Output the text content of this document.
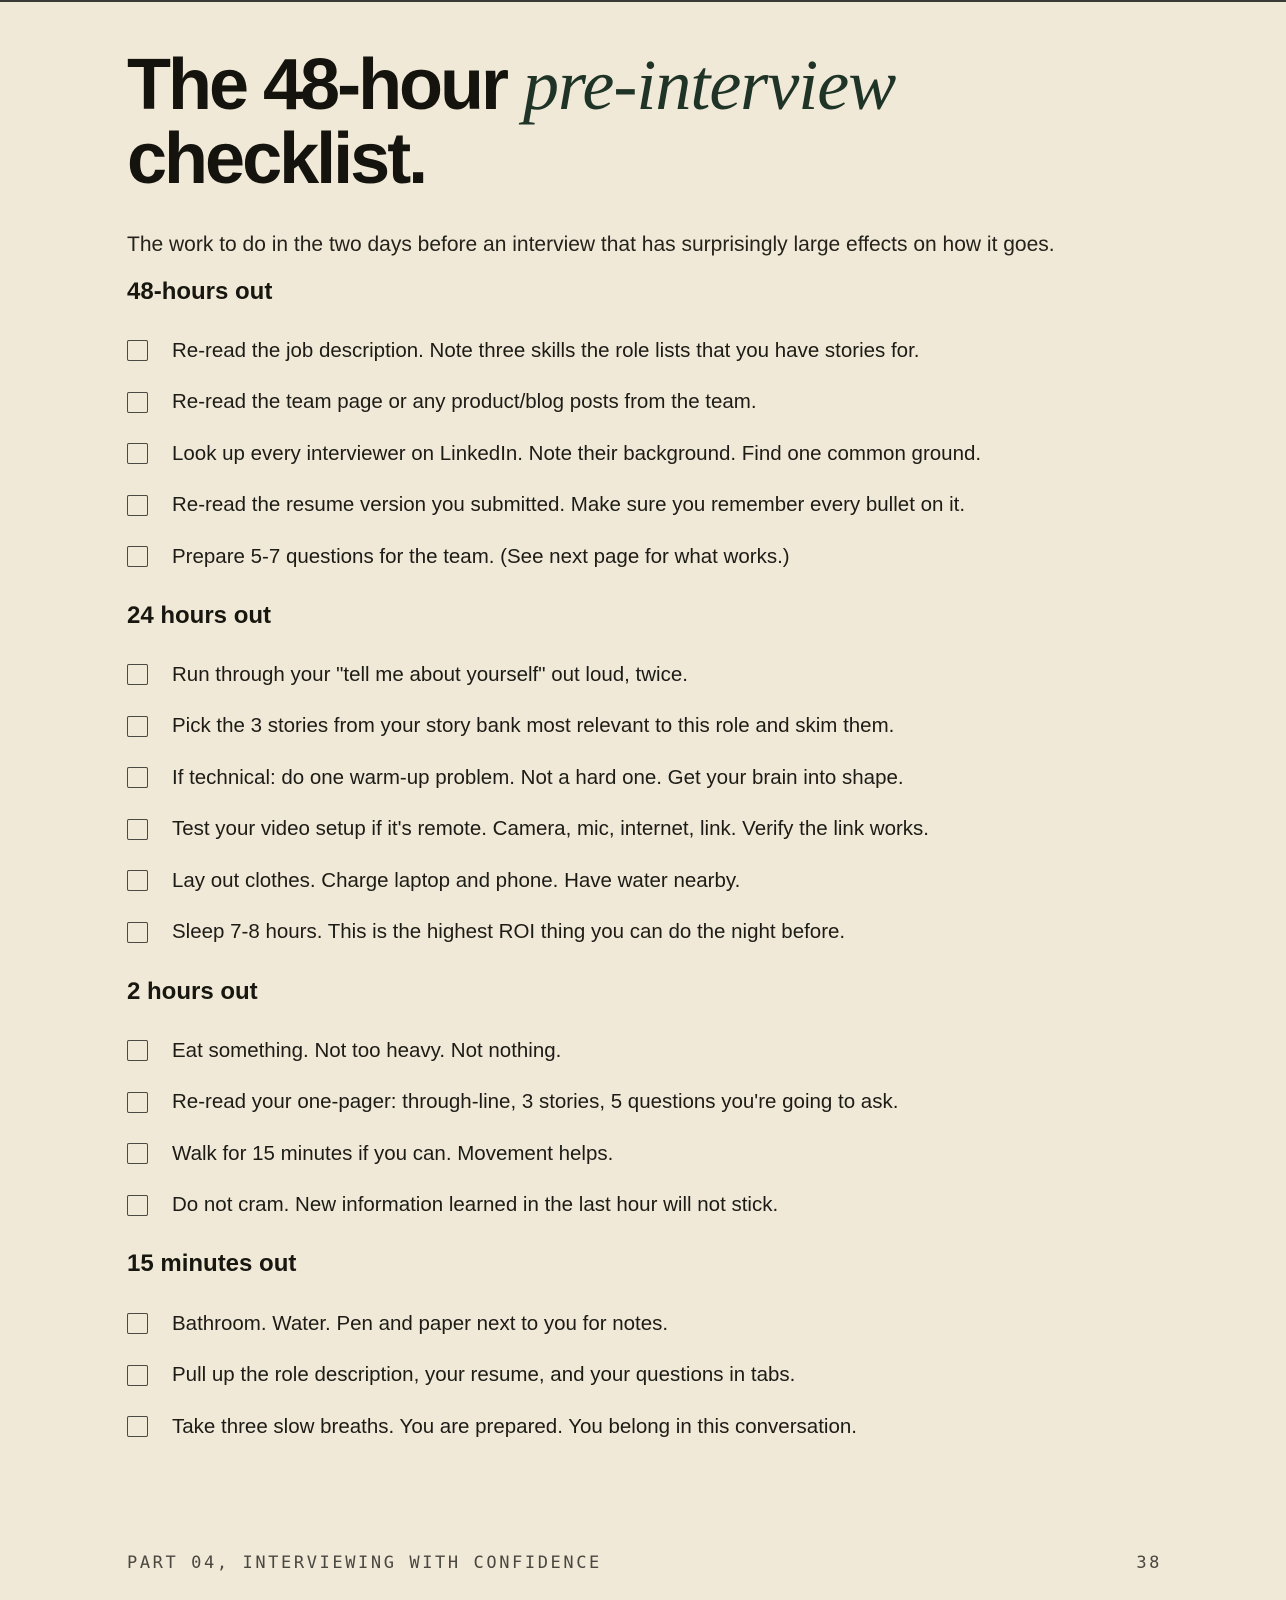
The 48-hour pre-interview
checklist.

The work to do in the two days before an interview that has surprisingly large effects on how it goes.

48-hours out
Re-read the job description. Note three skills the role lists that you have stories for.
Re-read the team page or any product/blog posts from the team.
Look up every interviewer on LinkedIn. Note their background. Find one common ground.
Re-read the resume version you submitted. Make sure you remember every bullet on it.
Prepare 5-7 questions for the team. (See next page for what works.)
24 hours out
Run through your "tell me about yourself" out loud, twice.
Pick the 3 stories from your story bank most relevant to this role and skim them.
If technical: do one warm-up problem. Not a hard one. Get your brain into shape.
Test your video setup if it's remote. Camera, mic, internet, link. Verify the link works.
Lay out clothes. Charge laptop and phone. Have water nearby.
Sleep 7-8 hours. This is the highest ROI thing you can do the night before.
2 hours out
Eat something. Not too heavy. Not nothing.
Re-read your one-pager: through-line, 3 stories, 5 questions you're going to ask.
Walk for 15 minutes if you can. Movement helps.
Do not cram. New information learned in the last hour will not stick.
15 minutes out
Bathroom. Water. Pen and paper next to you for notes.
Pull up the role description, your resume, and your questions in tabs.
Take three slow breaths. You are prepared. You belong in this conversation.
PART 04, INTERVIEWING WITH CONFIDENCE	38
